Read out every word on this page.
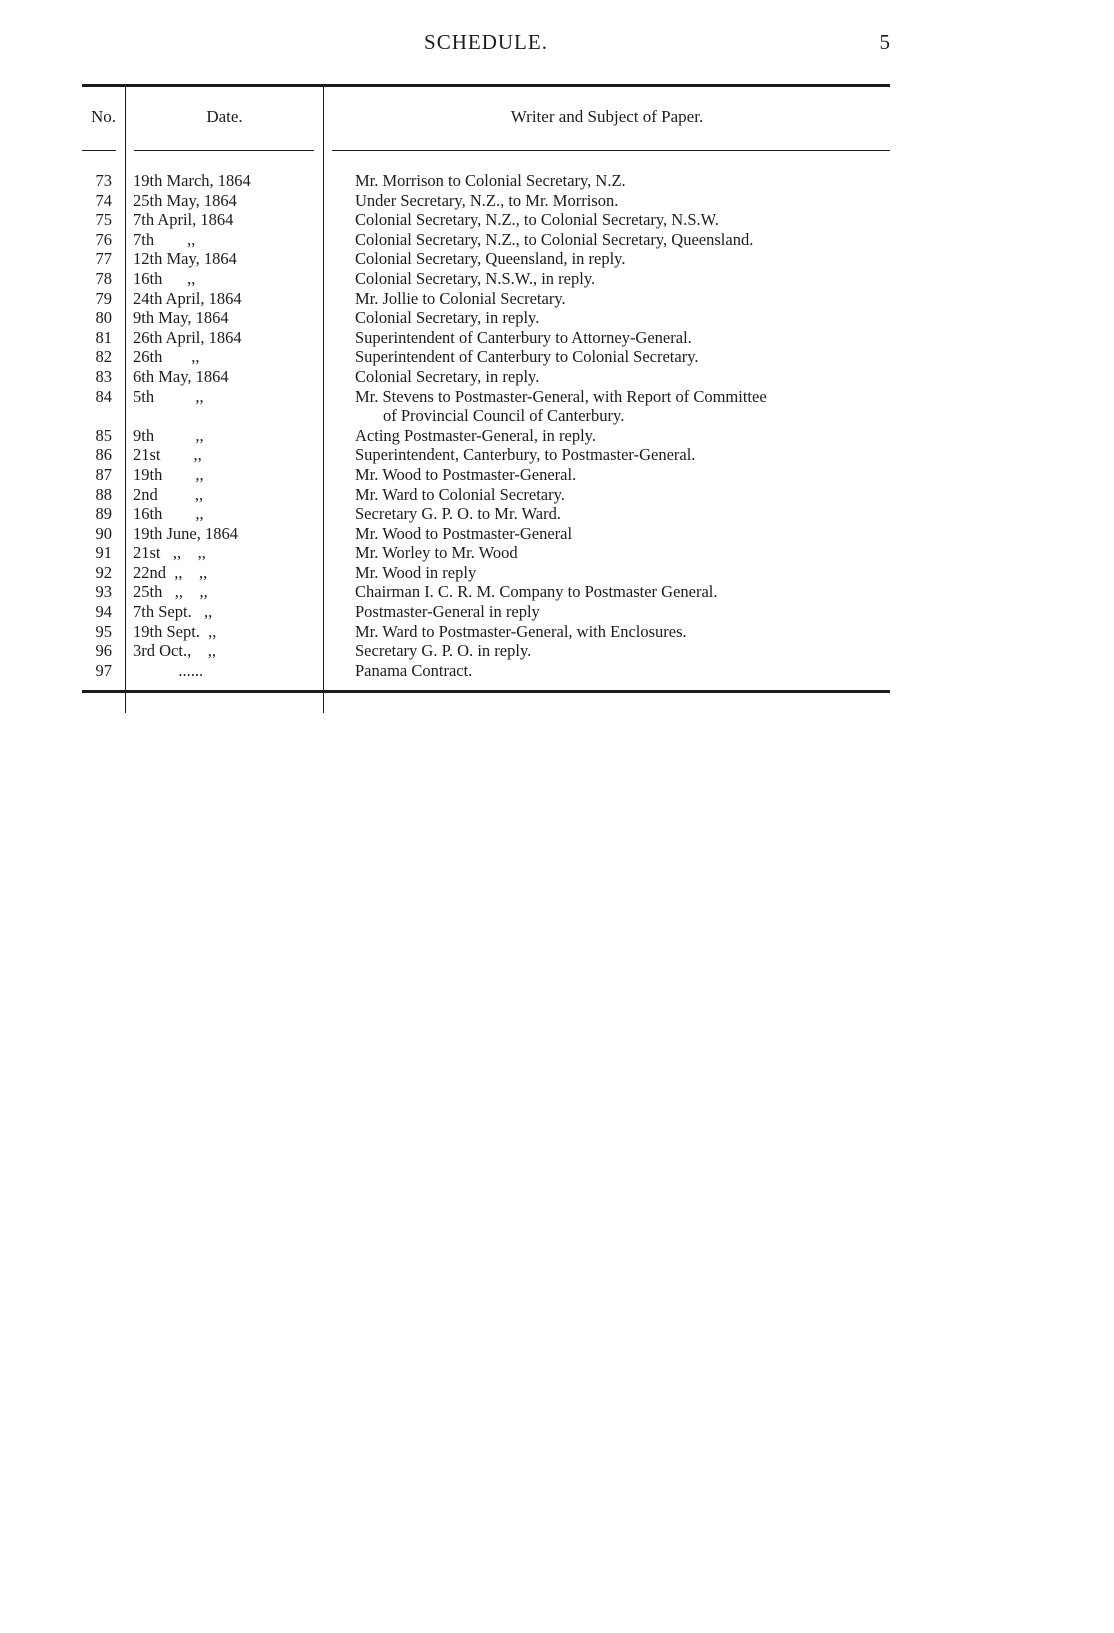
SCHEDULE.	5
No.	Date.	Writer and Subject of Paper.
73	19th March, 1864	Mr. Morrison to Colonial Secretary, N.Z.
74	25th May, 1864	Under Secretary, N.Z., to Mr. Morrison.
75	7th April, 1864	Colonial Secretary, N.Z., to Colonial Secretary, N.S.W.
76	7th        ,,	Colonial Secretary, N.Z., to Colonial Secretary, Queensland.
77	12th May, 1864	Colonial Secretary, Queensland, in reply.
78	16th      ,,	Colonial Secretary, N.S.W., in reply.
79	24th April, 1864	Mr. Jollie to Colonial Secretary.
80	9th May, 1864	Colonial Secretary, in reply.
81	26th April, 1864	Superintendent of Canterbury to Attorney-General.
82	26th       ,,	Superintendent of Canterbury to Colonial Secretary.
83	6th May, 1864	Colonial Secretary, in reply.
84	5th          ,,	Mr. Stevens to Postmaster-General, with Report of Committee
of Provincial Council of Canterbury.
85	9th          ,,	Acting Postmaster-General, in reply.
86	21st        ,,	Superintendent, Canterbury, to Postmaster-General.
87	19th        ,,	Mr. Wood to Postmaster-General.
88	2nd         ,,	Mr. Ward to Colonial Secretary.
89	16th        ,,	Secretary G. P. O. to Mr. Ward.
90	19th June, 1864	Mr. Wood to Postmaster-General
91	21st   ,,    ,,	Mr. Worley to Mr. Wood
92	22nd  ,,    ,,	Mr. Wood in reply
93	25th   ,,    ,,	Chairman I. C. R. M. Company to Postmaster General.
94	7th Sept.   ,,	Postmaster-General in reply
95	19th Sept.  ,,	Mr. Ward to Postmaster-General, with Enclosures.
96	3rd Oct.,    ,,	Secretary G. P. O. in reply.
97	......	Panama Contract.
